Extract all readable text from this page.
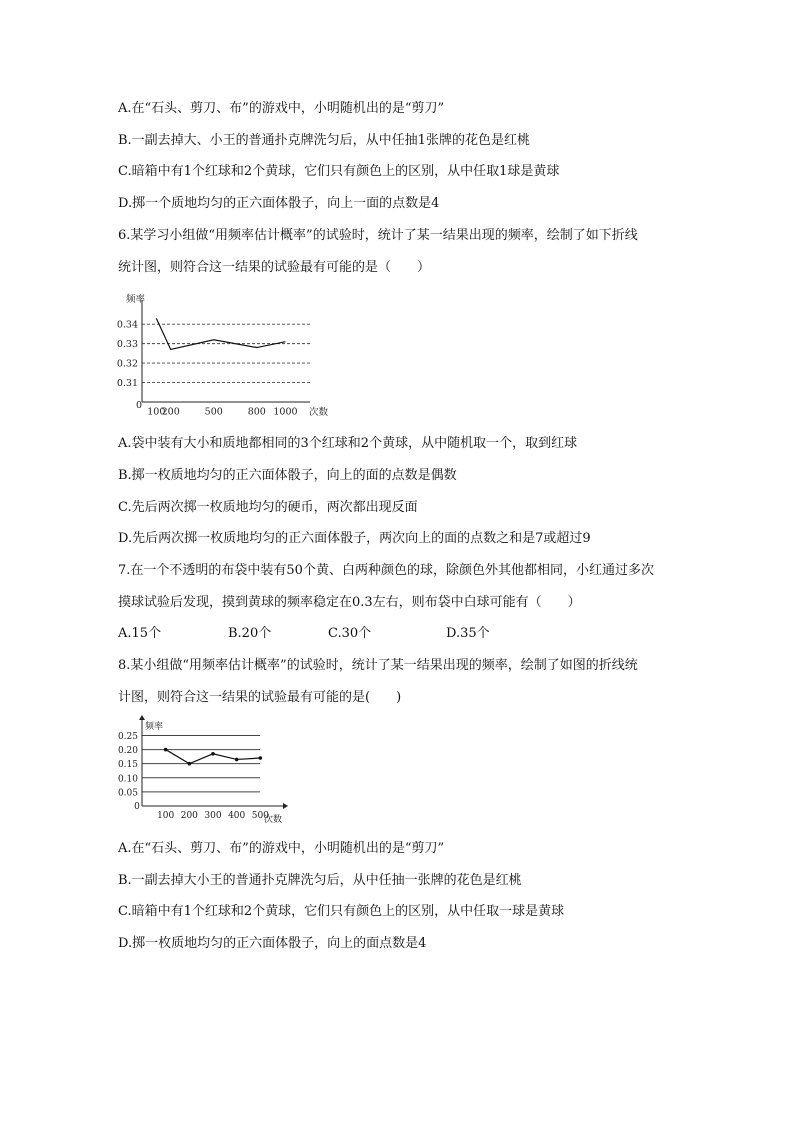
A.在“石头、剪刀、布”的游戏中，小明随机出的是“剪刀”
B.一副去掉大、小王的普通扑克牌洗匀后，从中任抽1张牌的花色是红桃
C.暗箱中有1个红球和2个黄球，它们只有颜色上的区别，从中任取1球是黄球
D.掷一个质地均匀的正六面体骰子，向上一面的点数是4
6.某学习小组做“用频率估计概率”的试验时，统计了某一结果出现的频率，绘制了如下折线
统计图，则符合这一结果的试验最有可能的是（　　）
0.31
0.32
0.33
0.34
100
200	500	800 1000
0
频率
次数
A.袋中装有大小和质地都相同的3个红球和2个黄球，从中随机取一个，取到红球
B.掷一枚质地均匀的正六面体骰子，向上的面的点数是偶数
C.先后两次掷一枚质地均匀的硬币，两次都出现反面
D.先后两次掷一枚质地均匀的正六面体骰子，两次向上的面的点数之和是7或超过9
7.在一个不透明的布袋中装有50个黄、白两种颜色的球，除颜色外其他都相同，小红通过多次
摸球试验后发现，摸到黄球的频率稳定在0.3左右，则布袋中白球可能有（　　）
A.15个	B.20个	C.30个	D.35个
8.某小组做“用频率估计概率”的试验时，统计了某一结果出现的频率，绘制了如图的折线统
计图，则符合这一结果的试验最有可能的是(　　)
0.05
0.10
0.15
0.20
0.25
100 200 300 400 500
0
频率
次数
A.在“石头、剪刀、布”的游戏中，小明随机出的是“剪刀”
B.一副去掉大小王的普通扑克牌洗匀后，从中任抽一张牌的花色是红桃
C.暗箱中有1个红球和2个黄球，它们只有颜色上的区别，从中任取一球是黄球
D.掷一枚质地均匀的正六面体骰子，向上的面点数是4
